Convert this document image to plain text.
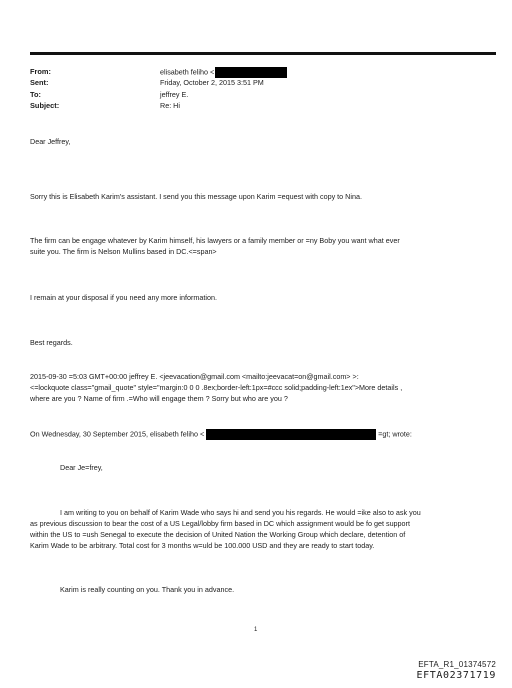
From:	elisabeth feliho <
Sent:	Friday, October 2, 2015 3:51 PM
To:	jeffrey E.
Subject:	Re: Hi
Dear Jeffrey,
Sorry this is Elisabeth Karim's assistant. I send you this message upon Karim =equest with copy to Nina.
The firm can be engage whatever by Karim himself, his lawyers or a family member or =ny Boby you want what ever
suite you. The firm is Nelson Mullins based in DC.<=span>
I remain at your disposal if you need any more information.
Best regards.
2015-09-30 =5:03 GMT+00:00 jeffrey E. <jeevacation@gmail.com <mailto:jeevacat=on@gmail.com> >:
<=lockquote class="gmail_quote" style="margin:0 0 0 .8ex;border-left:1px=#ccc solid;padding-left:1ex">More details ,
where are you ? Name of firm .=Who will engage them ? Sorry but who are you ?
On Wednesday, 30 September 2015, elisabeth feliho <	=gt; wrote:
Dear Je=frey,
I am writing to you on behalf of Karim Wade who says hi and send you his regards. He would =ike also to ask you
as previous discussion to bear the cost of a US Legal/lobby firm based in DC which assignment would be fo get support
within the US to =ush Senegal to execute the decision of United Nation the Working Group which declare, detention of
Karim Wade to be arbitrary. Total cost for 3 months w=uld be 100.000 USD and they are ready to start today.
Karim is really counting on you. Thank you in advance.
1
EFTA_R1_01374572
EFTA02371719
